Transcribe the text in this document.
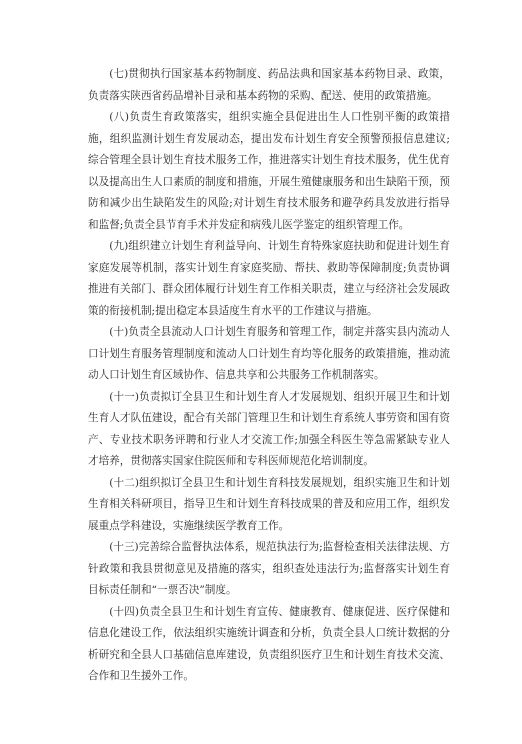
(七)贯彻执行国家基本药物制度、药品法典和国家基本药物目录、政策，负责落实陕西省药品增补目录和基本药物的采购、配送、使用的政策措施。

(八)负责生育政策落实，组织实施全县促进出生人口性别平衡的政策措施，组织监测计划生育发展动态，提出发布计划生育安全预警预报信息建议;综合管理全县计划生育技术服务工作，推进落实计划生育技术服务，优生优育以及提高出生人口素质的制度和措施，开展生殖健康服务和出生缺陷干预，预防和减少出生缺陷发生的风险;对计划生育技术服务和避孕药具发放进行指导和监督;负责全县节育手术并发症和病残儿医学鉴定的组织管理工作。

(九)组织建立计划生育利益导向、计划生育特殊家庭扶助和促进计划生育家庭发展等机制，落实计划生育家庭奖励、帮扶、救助等保障制度;负责协调推进有关部门、群众团体履行计划生育工作相关职责，建立与经济社会发展政策的衔接机制;提出稳定本县适度生育水平的工作建议与措施。

(十)负责全县流动人口计划生育服务和管理工作，制定并落实县内流动人口计划生育服务管理制度和流动人口计划生育均等化服务的政策措施，推动流动人口计划生育区域协作、信息共享和公共服务工作机制落实。

(十一)负责拟订全县卫生和计划生育人才发展规划、组织开展卫生和计划生育人才队伍建设，配合有关部门管理卫生和计划生育系统人事劳资和国有资产、专业技术职务评聘和行业人才交流工作;加强全科医生等急需紧缺专业人才培养，贯彻落实国家住院医师和专科医师规范化培训制度。

(十二)组织拟订全县卫生和计划生育科技发展规划，组织实施卫生和计划生育相关科研项目，指导卫生和计划生育科技成果的普及和应用工作，组织发展重点学科建设，实施继续医学教育工作。

(十三)完善综合监督执法体系，规范执法行为;监督检查相关法律法规、方针政策和我县贯彻意见及措施的落实，组织查处违法行为;监督落实计划生育目标责任制和“一票否决”制度。

(十四)负责全县卫生和计划生育宣传、健康教育、健康促进、医疗保健和信息化建设工作，依法组织实施统计调查和分析，负责全县人口统计数据的分析研究和全县人口基础信息库建设，负责组织医疗卫生和计划生育技术交流、合作和卫生援外工作。
